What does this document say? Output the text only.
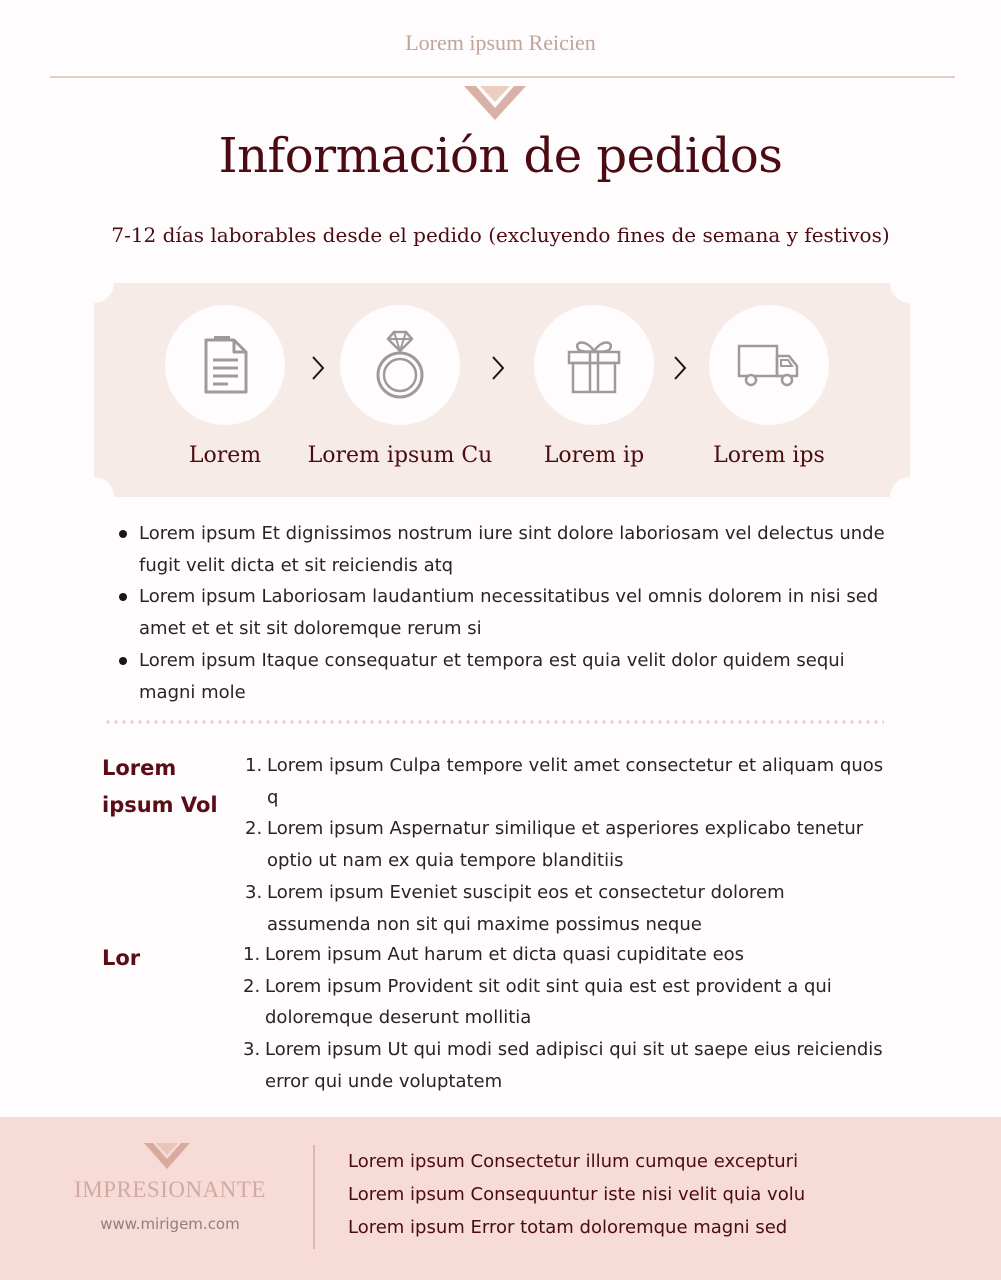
Lorem ipsum Reicien
Información de pedidos
7-12 días laborables desde el pedido (excluyendo fines de semana y festivos)
Lorem	Lorem ipsum Cu	Lorem ip	Lorem ips
Lorem ipsum Et dignissimos nostrum iure sint dolore laboriosam vel delectus unde fugit velit dicta et sit reiciendis atq
Lorem ipsum Laboriosam laudantium necessitatibus vel omnis dolorem in nisi sed amet et et sit sit doloremque rerum si
Lorem ipsum Itaque consequatur et tempora est quia velit dolor quidem sequi magni mole
Lorem ipsum Vol
1. Lorem ipsum Culpa tempore velit amet consectetur et aliquam quos q
2. Lorem ipsum Aspernatur similique et asperiores explicabo tenetur optio ut nam ex quia tempore blanditiis
3. Lorem ipsum Eveniet suscipit eos et consectetur dolorem assumenda non sit qui maxime possimus neque
Lor	1. Lorem ipsum Aut harum et dicta quasi cupiditate eos
2. Lorem ipsum Provident sit odit sint quia est est provident a qui doloremque deserunt mollitia
3. Lorem ipsum Ut qui modi sed adipisci qui sit ut saepe eius reiciendis error qui unde voluptatem
IMPRESIONANTE
www.mirigem.com
Lorem ipsum Consectetur illum cumque excepturi
Lorem ipsum Consequuntur iste nisi velit quia volu
Lorem ipsum Error totam doloremque magni sed
